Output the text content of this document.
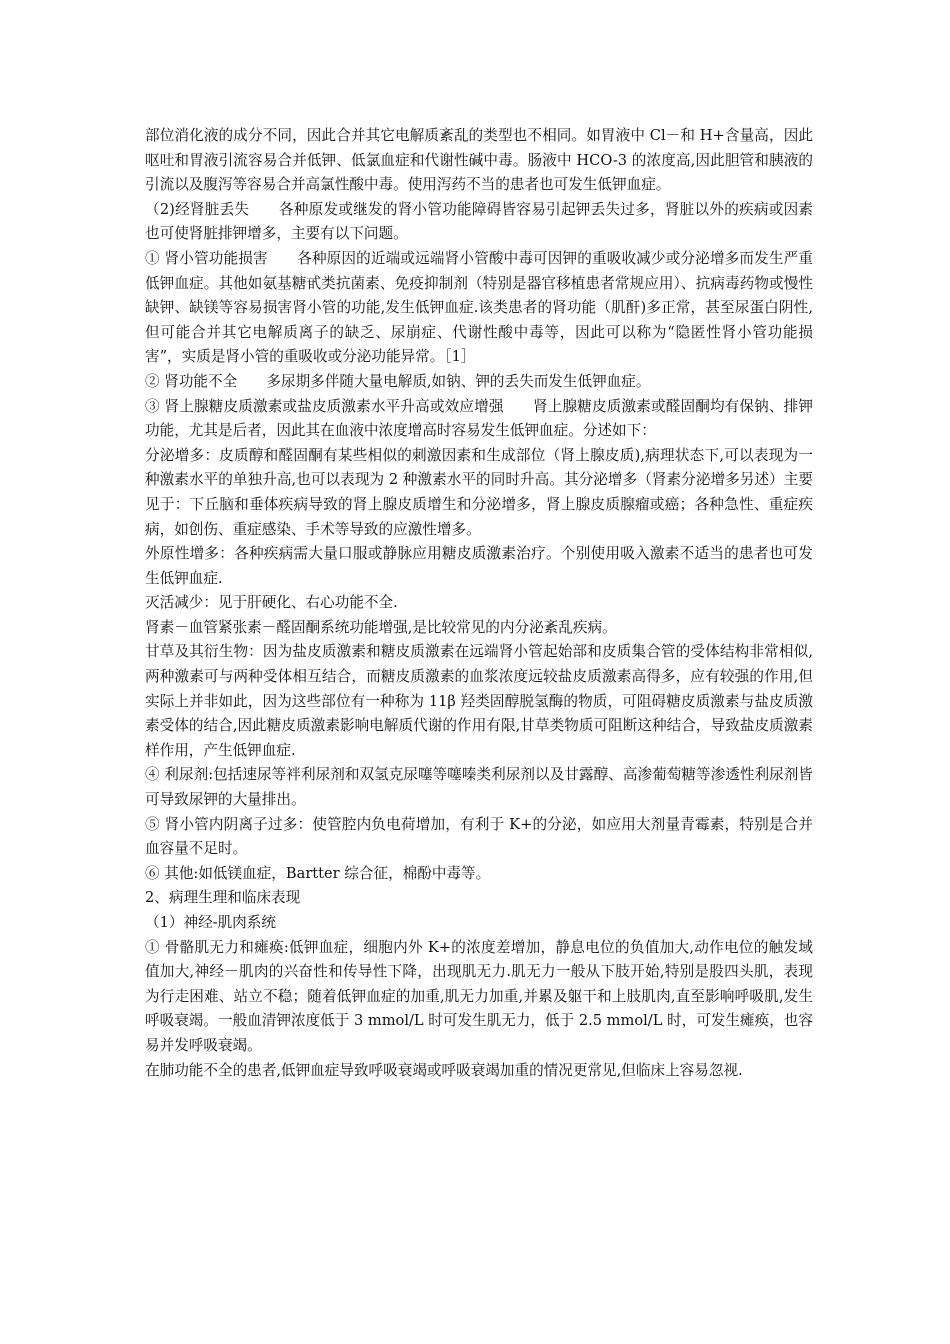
部位消化液的成分不同，因此合并其它电解质紊乱的类型也不相同。如胃液中 Cl－和 H+含量高，因此呕吐和胃液引流容易合并低钾、低氯血症和代谢性碱中毒。肠液中 HCO-3 的浓度高,因此胆管和胰液的引流以及腹泻等容易合并高氯性酸中毒。使用泻药不当的患者也可发生低钾血症。

（2)经肾脏丢失　　各种原发或继发的肾小管功能障碍皆容易引起钾丢失过多，肾脏以外的疾病或因素也可使肾脏排钾增多，主要有以下问题。

① 肾小管功能损害　　各种原因的近端或远端肾小管酸中毒可因钾的重吸收减少或分泌增多而发生严重低钾血症。其他如氨基糖甙类抗菌素、免疫抑制剂（特别是器官移植患者常规应用）、抗病毒药物或慢性缺钾、缺镁等容易损害肾小管的功能,发生低钾血症.该类患者的肾功能（肌酐)多正常，甚至尿蛋白阴性,但可能合并其它电解质离子的缺乏、尿崩症、代谢性酸中毒等，因此可以称为“隐匿性肾小管功能损害”，实质是肾小管的重吸收或分泌功能异常。［1］

② 肾功能不全　　多尿期多伴随大量电解质,如钠、钾的丢失而发生低钾血症。

③ 肾上腺糖皮质激素或盐皮质激素水平升高或效应增强　　肾上腺糖皮质激素或醛固酮均有保钠、排钾功能，尤其是后者，因此其在血液中浓度增高时容易发生低钾血症。分述如下：

分泌增多：皮质醇和醛固酮有某些相似的刺激因素和生成部位（肾上腺皮质),病理状态下,可以表现为一种激素水平的单独升高,也可以表现为 2 种激素水平的同时升高。其分泌增多（肾素分泌增多另述）主要见于：下丘脑和垂体疾病导致的肾上腺皮质增生和分泌增多，肾上腺皮质腺瘤或癌；各种急性、重症疾病，如创伤、重症感染、手术等导致的应激性增多。

外原性增多：各种疾病需大量口服或静脉应用糖皮质激素治疗。个别使用吸入激素不适当的患者也可发生低钾血症.

灭活减少：见于肝硬化、右心功能不全.

肾素－血管紧张素－醛固酮系统功能增强,是比较常见的内分泌紊乱疾病。

甘草及其衍生物：因为盐皮质激素和糖皮质激素在远端肾小管起始部和皮质集合管的受体结构非常相似,两种激素可与两种受体相互结合，而糖皮质激素的血浆浓度远较盐皮质激素高得多，应有较强的作用,但实际上并非如此，因为这些部位有一种称为 11β 羟类固醇脱氢酶的物质，可阻碍糖皮质激素与盐皮质激素受体的结合,因此糖皮质激素影响电解质代谢的作用有限,甘草类物质可阻断这种结合，导致盐皮质激素样作用，产生低钾血症.

④ 利尿剂:包括速尿等袢利尿剂和双氢克尿噻等噻嗪类利尿剂以及甘露醇、高渗葡萄糖等渗透性利尿剂皆可导致尿钾的大量排出。

⑤ 肾小管内阴离子过多：使管腔内负电荷增加，有利于 K+的分泌，如应用大剂量青霉素，特别是合并血容量不足时。

⑥ 其他:如低镁血症，Bartter 综合征，棉酚中毒等。

2、病理生理和临床表现

（1）神经-肌肉系统

① 骨骼肌无力和瘫痪:低钾血症，细胞内外 K+的浓度差增加，静息电位的负值加大,动作电位的触发域值加大,神经－肌肉的兴奋性和传导性下降，出现肌无力.肌无力一般从下肢开始,特别是股四头肌，表现为行走困难、站立不稳；随着低钾血症的加重,肌无力加重,并累及躯干和上肢肌肉,直至影响呼吸肌,发生呼吸衰竭。一般血清钾浓度低于 3 mmol/L 时可发生肌无力，低于 2.5 mmol/L 时，可发生瘫痪，也容易并发呼吸衰竭。

在肺功能不全的患者,低钾血症导致呼吸衰竭或呼吸衰竭加重的情况更常见,但临床上容易忽视.
